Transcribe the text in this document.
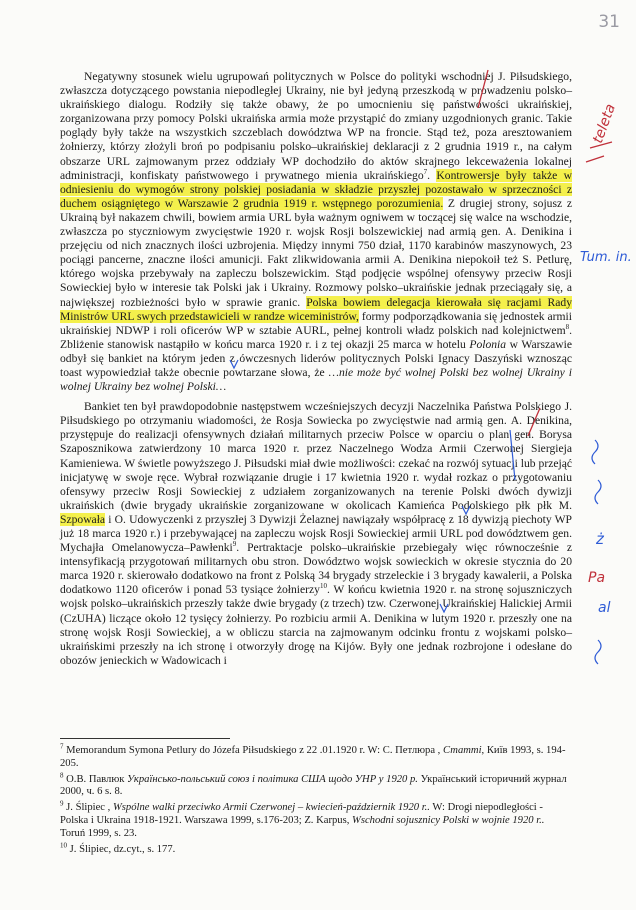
31

Negatywny stosunek wielu ugrupowań politycznych w Polsce do polityki wschodniej J. Piłsudskiego, zwłaszcza dotyczącego powstania niepodległej Ukrainy, nie był jedyną przeszkodą w prowadzeniu polsko–ukraińskiego dialogu. Rodziły się także obawy, że po umocnieniu się państwowości ukraińskiej, zorganizowana przy pomocy Polski ukraińska armia może przystąpić do zmiany uzgodnionych granic. Takie poglądy były także na wszystkich szczeblach dowództwa WP na froncie. Stąd też, poza aresztowaniem żołnierzy, którzy złożyli broń po podpisaniu polsko–ukraińskiej deklaracji z 2 grudnia 1919 r., na całym obszarze URL zajmowanym przez oddziały WP dochodziło do aktów skrajnego lekceważenia lokalnej administracji, konfiskaty państwowego i prywatnego mienia ukraińskiego$^7$. Kontrowersje były także w odniesieniu do wymogów strony polskiej posiadania w składzie przyszłej pozostawało w sprzeczności z duchem osiągniętego w Warszawie 2 grudnia 1919 r. wstępnego porozumienia. Z drugiej strony, sojusz z Ukrainą był nakazem chwili, bowiem armia URL była ważnym ogniwem w toczącej się walce na wschodzie, zwłaszcza po styczniowym zwycięstwie 1920 r. wojsk Rosji bolszewickiej nad armią gen. A. Denikina i przejęciu od nich znacznych ilości uzbrojenia. Między innymi 750 dział, 1170 karabinów maszynowych, 23 pociągi pancerne, znaczne ilości amunicji. Fakt zlikwidowania armii A. Denikina niepokoił też S. Petlurę, którego wojska przebywały na zapleczu bolszewickim. Stąd podjęcie wspólnej ofensywy przeciw Rosji Sowieckiej było w interesie tak Polski jak i Ukrainy. Rozmowy polsko–ukraińskie jednak przeciągały się, a największej rozbieżności było w sprawie granic. Polska bowiem delegacja kierowała się racjami Rady Ministrów URL swych przedstawicieli w randze wiceministrów, formy podporządkowania się jednostek armii ukraińskiej NDWP i roli oficerów WP w sztabie AURL, pełnej kontroli władz polskich nad kolejnictwem$^8$. Zbliżenie stanowisk nastąpiło w końcu marca 1920 r. i z tej okazji 25 marca w hotelu Polonia w Warszawie odbył się bankiet na którym jeden z ówczesnych liderów politycznych Polski Ignacy Daszyński wznosząc toast wypowiedział także obecnie powtarzane słowa, że …nie może być wolnej Polski bez wolnej Ukrainy i wolnej Ukrainy bez wolnej Polski…

Bankiet ten był prawdopodobnie następstwem wcześniejszych decyzji Naczelnika Państwa Polskiego J. Piłsudskiego po otrzymaniu wiadomości, że Rosja Sowiecka po zwycięstwie nad armią gen. A. Denikina, przystępuje do realizacji ofensywnych działań militarnych przeciw Polsce w oparciu o plan gen. Borysa Szaposznikowa zatwierdzony 10 marca 1920 r. przez Naczelnego Wodza Armii Czerwonej Siergieja Kamieniewa. W świetle powyższego J. Piłsudski miał dwie możliwości: czekać na rozwój sytuacji lub przejąć inicjatywę w swoje ręce. Wybrał rozwiązanie drugie i 17 kwietnia 1920 r. wydał rozkaz o przygotowaniu ofensywy przeciw Rosji Sowieckiej z udziałem zorganizowanych na terenie Polski dwóch dywizji ukraińskich (dwie brygady ukraińskie zorganizowane w okolicach Kamieńca Podolskiego płk płk M. Szpowała i O. Udowyczenki z przyszłej 3 Dywizji Żelaznej nawiązały współpracę z 18 dywizją piechoty WP już 18 marca 1920 r.) i przebywającej na zapleczu wojsk Rosji Sowieckiej armii URL pod dowództwem gen. Mychajła Omelanowycza–Pawłenki$^9$. Pertraktacje polsko–ukraińskie przebiegały więc równocześnie z intensyfikacją przygotowań militarnych obu stron. Dowództwo wojsk sowieckich w okresie stycznia do 20 marca 1920 r. skierowało dodatkowo na front z Polską 34 brygady strzeleckie i 3 brygady kawalerii, a Polska dodatkowo 1120 oficerów i ponad 53 tysiące żołnierzy$^{10}$. W końcu kwietnia 1920 r. na stronę sojuszniczych wojsk polsko–ukraińskich przeszły także dwie brygady (z trzech) tzw. Czerwonej Ukraińskiej Halickiej Armii (CzUHA) liczące około 12 tysięcy żołnierzy. Po rozbiciu armii A. Denikina w lutym 1920 r. przeszły one na stronę wojsk Rosji Sowieckiej, a w obliczu starcia na zajmowanym odcinku frontu z wojskami polsko–ukraińskimi przeszły na ich stronę i otworzyły drogę na Kijów. Były one jednak rozbrojone i odesłane do obozów jenieckich w Wadowicach i

$^7$ Memorandum Symona Petlury do Józefa Piłsudskiego z 22 .01.1920 r. W: С. Петлюра , Статті, Київ 1993, s. 194-205.

$^8$ О.В. Павлюк Українсько-польський союз і політика США щодо УНР у 1920 р. Український історичний журнал 2000, ч. 6 s. 8.

$^9$ J. Ślipiec , Wspólne walki przeciwko Armii Czerwonej – kwiecień-październik 1920 r.. W: Drogi niepodległości - Polska i Ukraina 1918-1921. Warszawa 1999, s.176-203; Z. Karpus, Wschodni sojusznicy Polski w wojnie 1920 r.. Toruń 1999, s. 23.

$^{10}$ J. Ślipiec, dz.cyt., s. 177.

teleta
Tum. in.
ż
Pa
al
